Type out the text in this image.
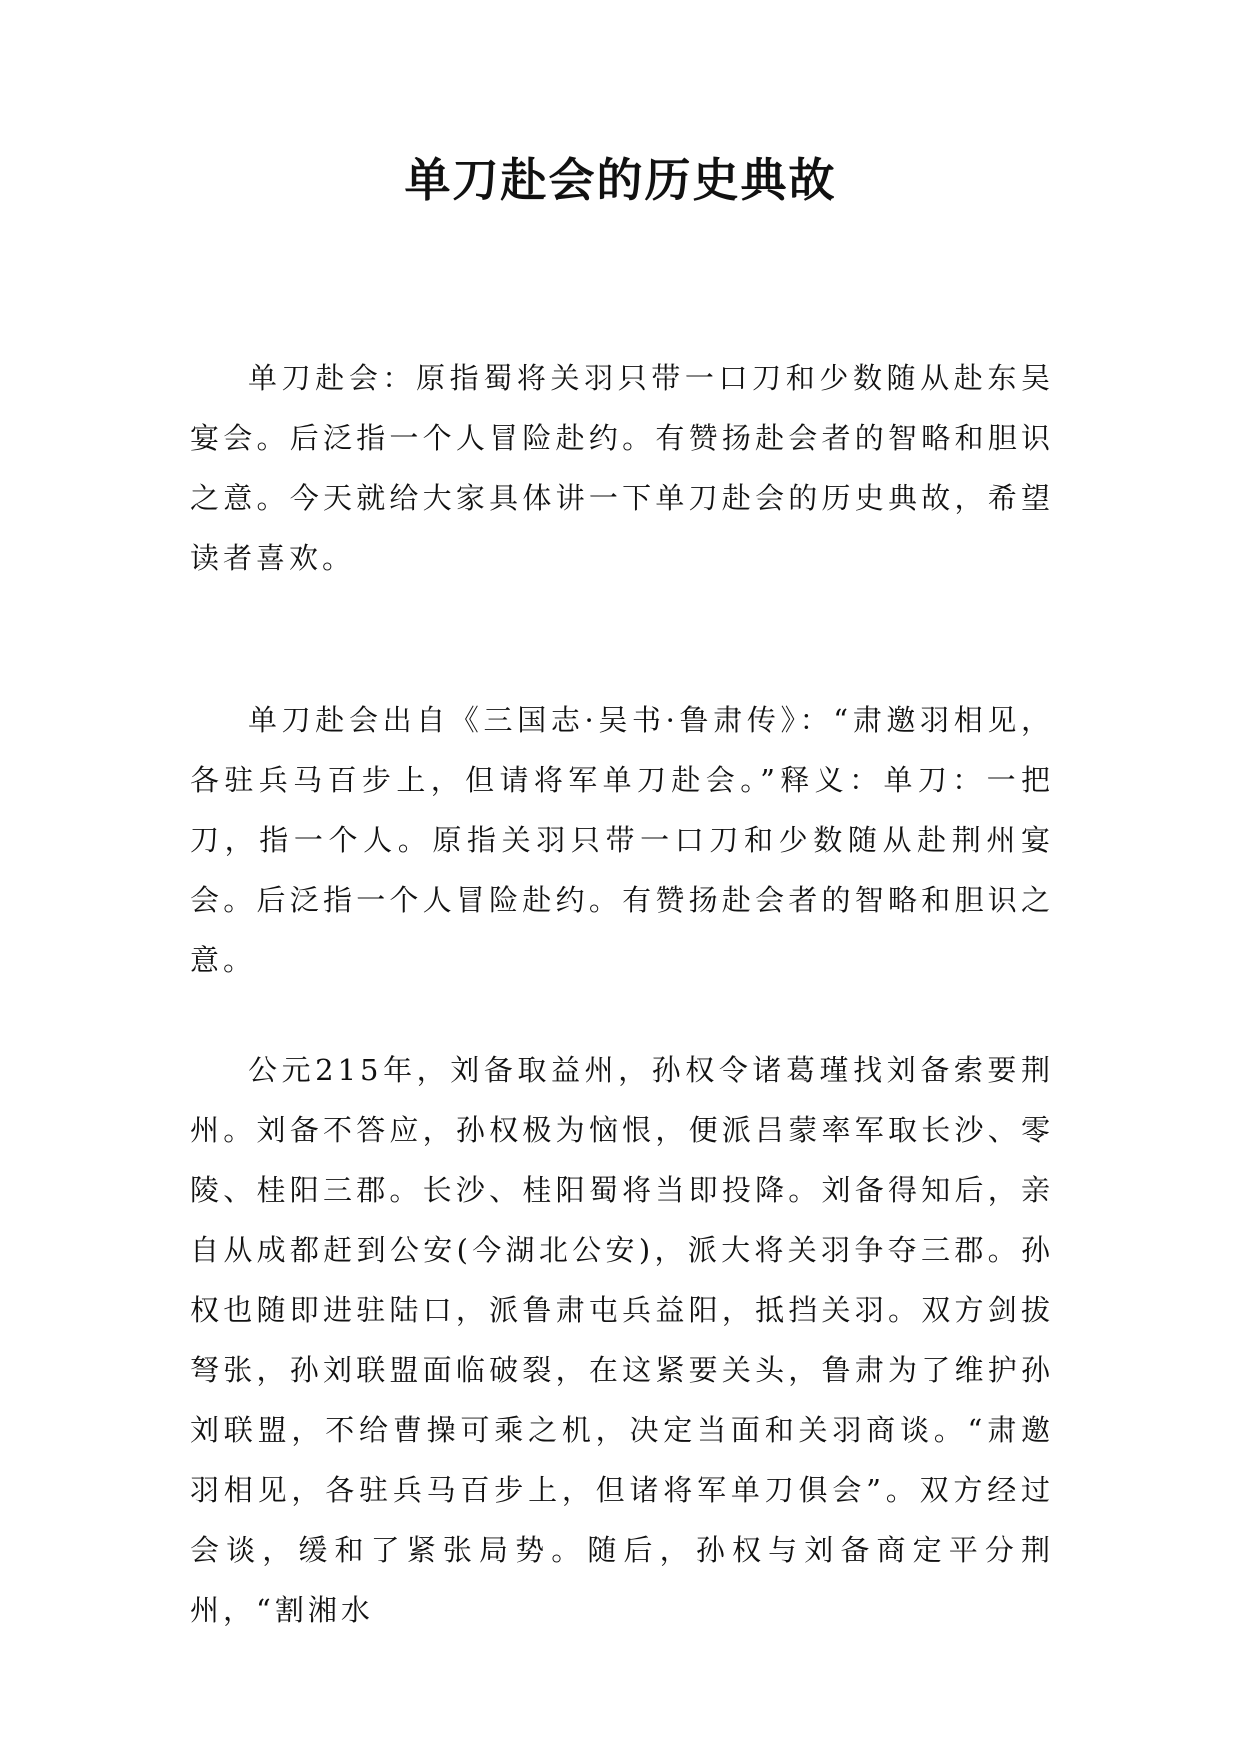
单刀赴会的历史典故

单刀赴会：原指蜀将关羽只带一口刀和少数随从赴东吴宴会。后泛指一个人冒险赴约。有赞扬赴会者的智略和胆识之意。今天就给大家具体讲一下单刀赴会的历史典故，希望读者喜欢。

单刀赴会出自《三国志·吴书·鲁肃传》：“肃邀羽相见，各驻兵马百步上，但请将军单刀赴会。”释义：单刀：一把刀，指一个人。原指关羽只带一口刀和少数随从赴荆州宴会。后泛指一个人冒险赴约。有赞扬赴会者的智略和胆识之意。

公元215年，刘备取益州，孙权令诸葛瑾找刘备索要荆州。刘备不答应，孙权极为恼恨，便派吕蒙率军取长沙、零陵、桂阳三郡。长沙、桂阳蜀将当即投降。刘备得知后，亲自从成都赶到公安(今湖北公安)，派大将关羽争夺三郡。孙权也随即进驻陆口，派鲁肃屯兵益阳，抵挡关羽。双方剑拔弩张，孙刘联盟面临破裂，在这紧要关头，鲁肃为了维护孙刘联盟，不给曹操可乘之机，决定当面和关羽商谈。“肃邀羽相见，各驻兵马百步上，但诸将军单刀俱会”。双方经过会谈，缓和了紧张局势。随后，孙权与刘备商定平分荆州，“割湘水
